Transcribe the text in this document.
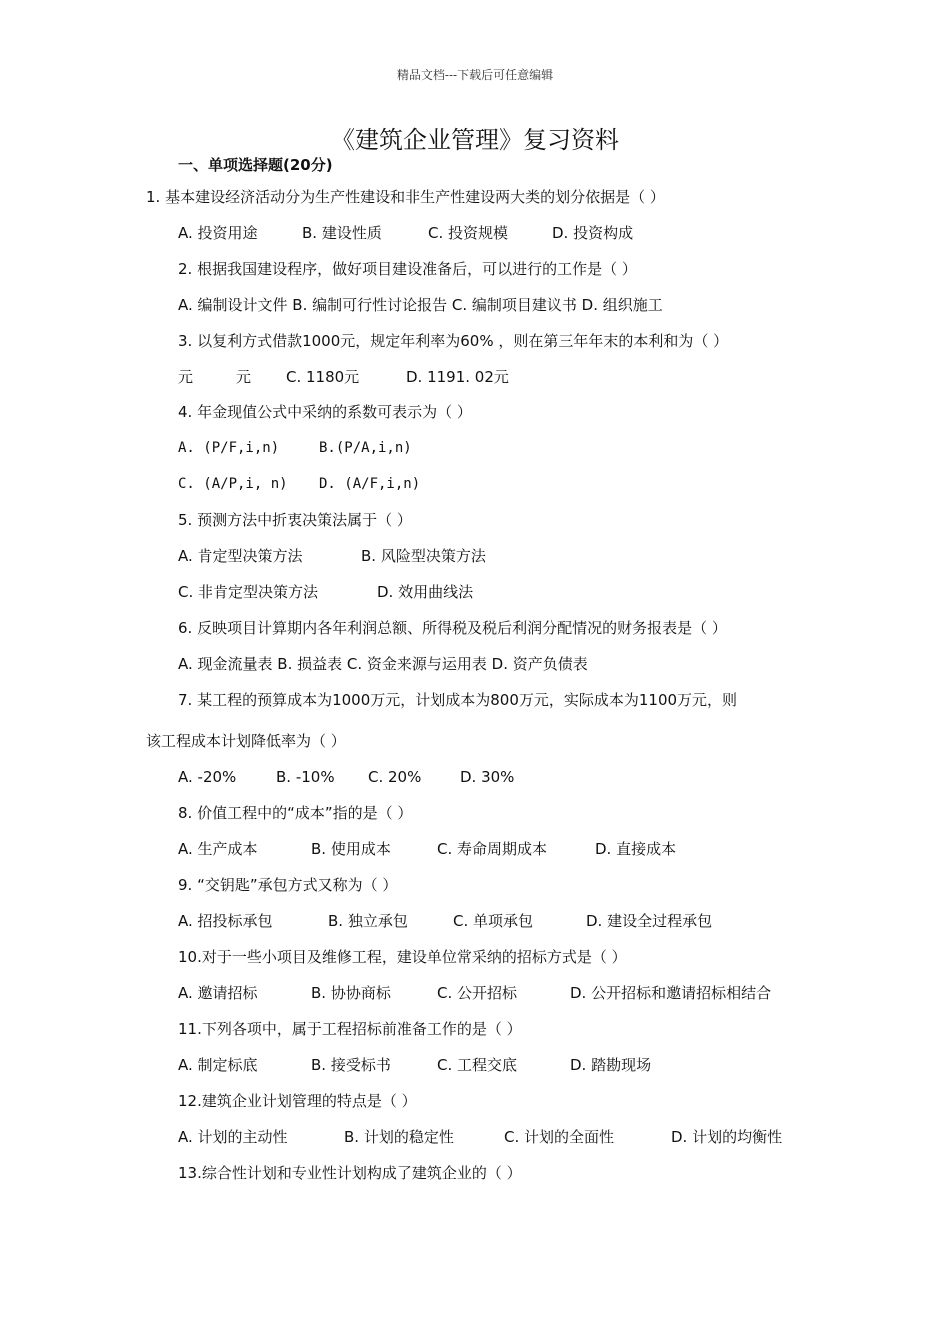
精品文档---下载后可任意编辑
《建筑企业管理》复习资料
一、单项选择题(20分)
1. 基本建设经济活动分为生产性建设和非生产性建设两大类的划分依据是（ ）
A. 投资用途	B. 建设性质	C. 投资规模	D. 投资构成
2. 根据我国建设程序，做好项目建设准备后，可以进行的工作是（ ）
A. 编制设计文件 B. 编制可行性讨论报告 C. 编制项目建议书 D. 组织施工
3. 以复利方式借款1000元，规定年利率为60% ，则在第三年年末的本利和为（ ）
元	元 C. 1180元	D. 1191. 02元
4. 年金现值公式中采纳的系数可表示为（ ）
A. (P/F,i,n)	B.(P/A,i,n)
C. (A/P,i, n) D. (A/F,i,n)
5. 预测方法中折衷决策法属于（ ）
A. 肯定型决策方法	B. 风险型决策方法
C. 非肯定型决策方法	D. 效用曲线法
6. 反映项目计算期内各年利润总额、所得税及税后利润分配情况的财务报表是（ ）
A. 现金流量表 B. 损益表 C. 资金来源与运用表 D. 资产负债表
7. 某工程的预算成本为1000万元，计划成本为800万元，实际成本为1100万元，则
该工程成本计划降低率为（ ）
A. -20%	B. -10% C. 20%	D. 30%
8. 价值工程中的“成本”指的是（ ）
A. 生产成本	B. 使用成本	C. 寿命周期成本	D. 直接成本
9. “交钥匙”承包方式又称为（ ）
A. 招投标承包	B. 独立承包	C. 单项承包	D. 建设全过程承包
10.对于一些小项目及维修工程，建设单位常采纳的招标方式是（ ）
A. 邀请招标	B. 协协商标	C. 公开招标	D. 公开招标和邀请招标相结合
11.下列各项中，属于工程招标前准备工作的是（ ）
A. 制定标底	B. 接受标书	C. 工程交底	D. 踏勘现场
12.建筑企业计划管理的特点是（ ）
A. 计划的主动性	B. 计划的稳定性	C. 计划的全面性	D. 计划的均衡性
13.综合性计划和专业性计划构成了建筑企业的（ ）
